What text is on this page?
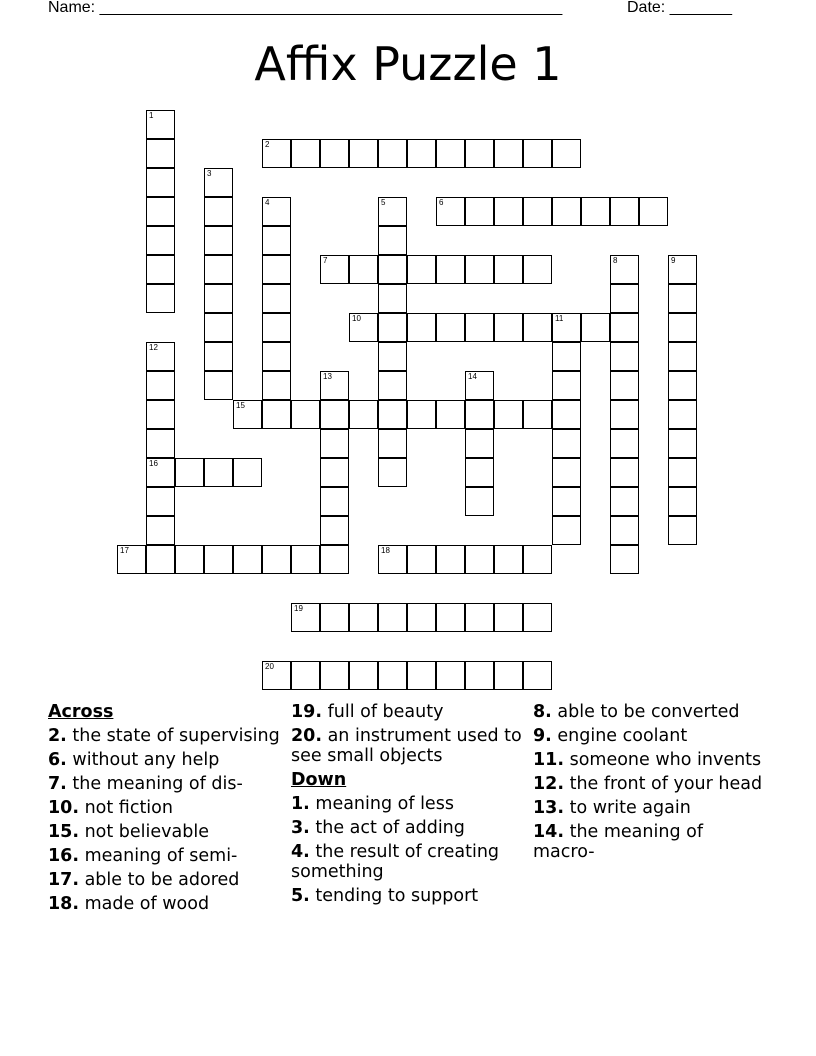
Name: ____________________________________________________	Date: _______
Affix Puzzle 1
1
2
3
4	5	6
7	8	9
10	11
12
16
13	14
15
17	18
19
20
Across
2. the state of supervising
6. without any help
7. the meaning of dis-
10. not fiction
15. not believable
16. meaning of semi-
17. able to be adored
18. made of wood
19. full of beauty
20. an instrument used to see small objects
Down
1. meaning of less
3. the act of adding
4. the result of creating something
5. tending to support
8. able to be converted
9. engine coolant
11. someone who invents
12. the front of your head
13. to write again
14. the meaning of macro-
